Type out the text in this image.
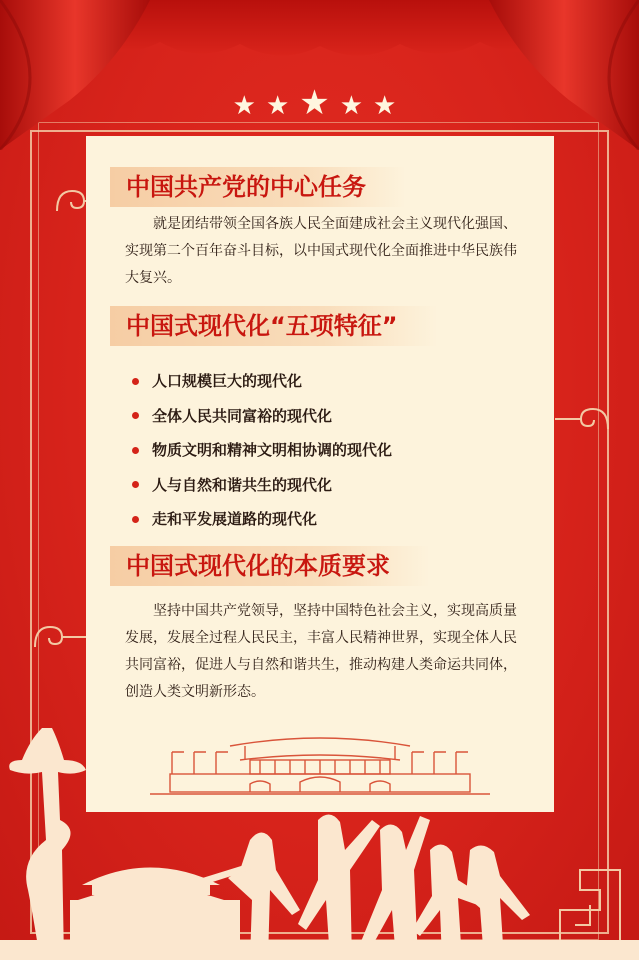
★★★★★
中国共产党的中心任务
就是团结带领全国各族人民全面建成社会主义现代化强国、实现第二个百年奋斗目标，以中国式现代化全面推进中华民族伟大复兴。
中国式现代化“五项特征”
人口规模巨大的现代化
全体人民共同富裕的现代化
物质文明和精神文明相协调的现代化
人与自然和谐共生的现代化
走和平发展道路的现代化
中国式现代化的本质要求
坚持中国共产党领导，坚持中国特色社会主义，实现高质量发展，发展全过程人民民主，丰富人民精神世界，实现全体人民共同富裕，促进人与自然和谐共生，推动构建人类命运共同体，创造人类文明新形态。
